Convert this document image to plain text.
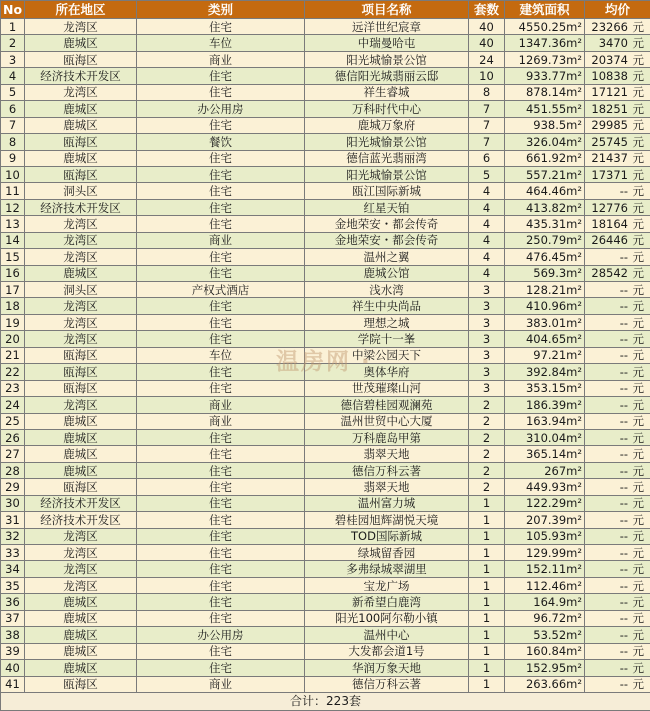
No	所在地区	类别	项目名称	套数	建筑面积	均价
1	龙湾区	住宅	远洋世纪宸章	40	4550.25m²	23266 元
2	鹿城区	车位	中瑞曼哈屯	40	1347.36m²	3470 元
3	瓯海区	商业	阳光城愉景公馆	24	1269.73m²	20374 元
4	经济技术开发区	住宅	德信阳光城翡丽云邸	10	933.77m²	10838 元
5	龙湾区	住宅	祥生睿城	8	878.14m²	17121 元
6	鹿城区	办公用房	万科时代中心	7	451.55m²	18251 元
7	鹿城区	住宅	鹿城万象府	7	938.5m²	29985 元
8	瓯海区	餐饮	阳光城愉景公馆	7	326.04m²	25745 元
9	鹿城区	住宅	德信蓝光翡丽湾	6	661.92m²	21437 元
10	瓯海区	住宅	阳光城愉景公馆	5	557.21m²	17371 元
11	洞头区	住宅	瓯江国际新城	4	464.46m²	-- 元
12	经济技术开发区	住宅	红星天铂	4	413.82m²	12776 元
13	龙湾区	住宅	金地荣安・都会传奇	4	435.31m²	18164 元
14	龙湾区	商业	金地荣安・都会传奇	4	250.79m²	26446 元
15	龙湾区	住宅	温州之翼	4	476.45m²	-- 元
16	鹿城区	住宅	鹿城公馆	4	569.3m²	28542 元
17	洞头区	产权式酒店	浅水湾	3	128.21m²	-- 元
18	龙湾区	住宅	祥生中央尚品	3	410.96m²	-- 元
19	龙湾区	住宅	理想之城	3	383.01m²	-- 元
20	龙湾区	住宅	学院十一峯	3	404.65m²	-- 元
21	瓯海区	车位	中梁公园天下	3	97.21m²	-- 元
22	瓯海区	住宅	奥体华府	3	392.84m²	-- 元
23	瓯海区	住宅	世茂璀璨山河	3	353.15m²	-- 元
24	龙湾区	商业	德信碧桂园观澜苑	2	186.39m²	-- 元
25	鹿城区	商业	温州世贸中心大厦	2	163.94m²	-- 元
26	鹿城区	住宅	万科鹿岛甲第	2	310.04m²	-- 元
27	鹿城区	住宅	翡翠天地	2	365.14m²	-- 元
28	鹿城区	住宅	德信万科云著	2	267m²	-- 元
29	瓯海区	住宅	翡翠天地	2	449.93m²	-- 元
30	经济技术开发区	住宅	温州富力城	1	122.29m²	-- 元
31	经济技术开发区	住宅	碧桂园旭辉湖悦天境	1	207.39m²	-- 元
32	龙湾区	住宅	TOD国际新城	1	105.93m²	-- 元
33	龙湾区	住宅	绿城留香园	1	129.99m²	-- 元
34	龙湾区	住宅	多弗绿城翠湖里	1	152.11m²	-- 元
35	龙湾区	住宅	宝龙广场	1	112.46m²	-- 元
36	鹿城区	住宅	新希望白鹿湾	1	164.9m²	-- 元
37	鹿城区	住宅	阳光100阿尔勒小镇	1	96.72m²	-- 元
38	鹿城区	办公用房	温州中心	1	53.52m²	-- 元
39	鹿城区	住宅	大发都会道1号	1	160.84m²	-- 元
40	鹿城区	住宅	华润万象天地	1	152.95m²	-- 元
41	瓯海区	商业	德信万科云著	1	263.66m²	-- 元
合计：223套						
温房网 ·
